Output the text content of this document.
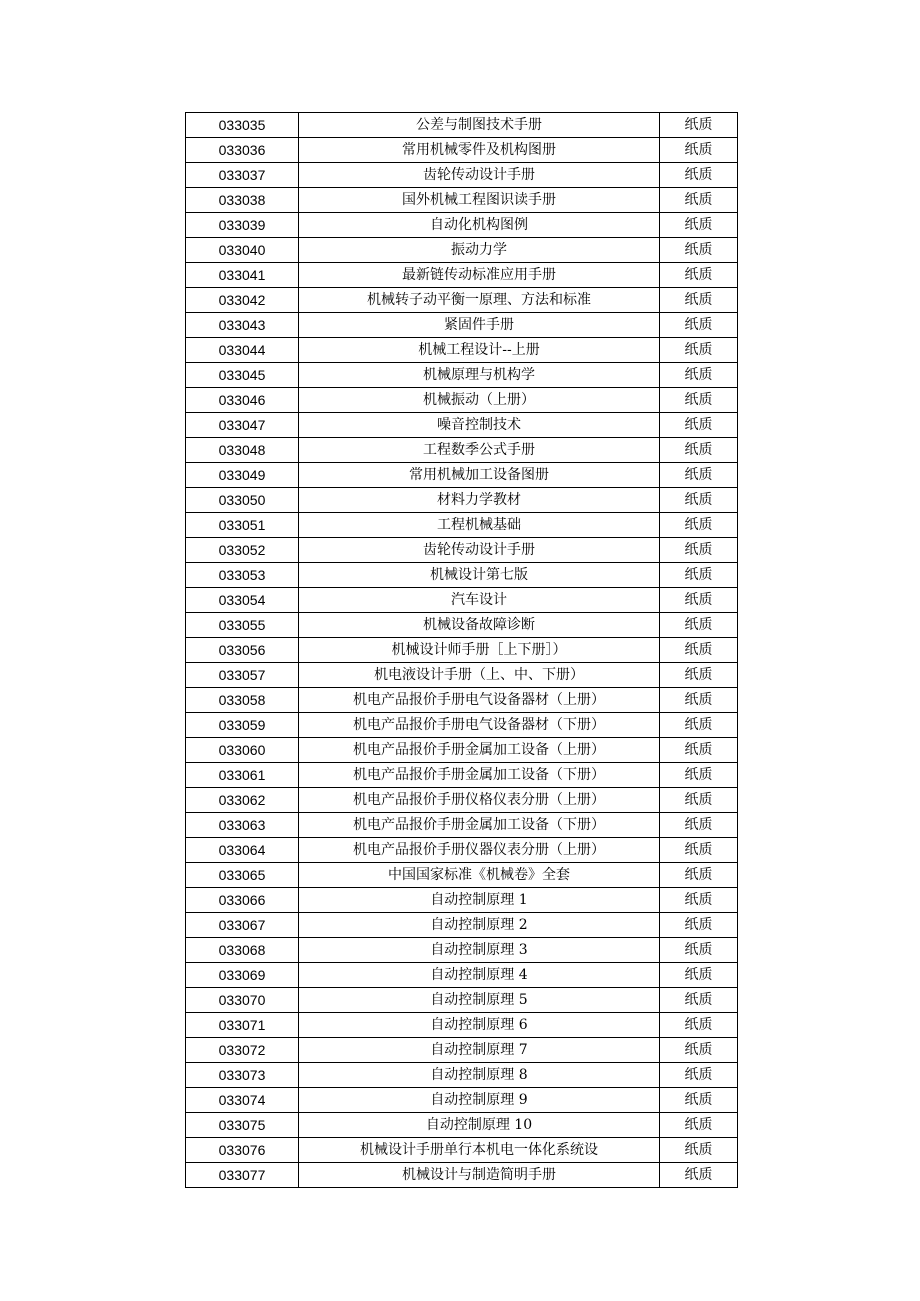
033035	公差与制图技术手册	纸质
033036	常用机械零件及机构图册	纸质
033037	齿轮传动设计手册	纸质
033038	国外机械工程图识读手册	纸质
033039	自动化机构图例	纸质
033040	振动力学	纸质
033041	最新链传动标准应用手册	纸质
033042	机械转子动平衡一原理、方法和标准	纸质
033043	紧固件手册	纸质
033044	机械工程设计--上册	纸质
033045	机械原理与机构学	纸质
033046	机械振动（上册）	纸质
033047	噪音控制技术	纸质
033048	工程数季公式手册	纸质
033049	常用机械加工设备图册	纸质
033050	材料力学教材	纸质
033051	工程机械基础	纸质
033052	齿轮传动设计手册	纸质
033053	机械设计第七版	纸质
033054	汽车设计	纸质
033055	机械设备故障诊断	纸质
033056	机械设计师手册［上下册］）	纸质
033057	机电液设计手册（上、中、下册）	纸质
033058	机电产品报价手册电气设备器材（上册）	纸质
033059	机电产品报价手册电气设备器材（下册）	纸质
033060	机电产品报价手册金属加工设备（上册）	纸质
033061	机电产品报价手册金属加工设备（下册）	纸质
033062	机电产品报价手册仪格仪表分册（上册）	纸质
033063	机电产品报价手册金属加工设备（下册）	纸质
033064	机电产品报价手册仪器仪表分册（上册）	纸质
033065	中国国家标准《机械卷》全套	纸质
033066	自动控制原理 1	纸质
033067	自动控制原理 2	纸质
033068	自动控制原理 3	纸质
033069	自动控制原理 4	纸质
033070	自动控制原理 5	纸质
033071	自动控制原理 6	纸质
033072	自动控制原理 7	纸质
033073	自动控制原理 8	纸质
033074	自动控制原理 9	纸质
033075	自动控制原理 10	纸质
033076	机械设计手册单行本机电一体化系统设	纸质
033077	机械设计与制造简明手册	纸质
